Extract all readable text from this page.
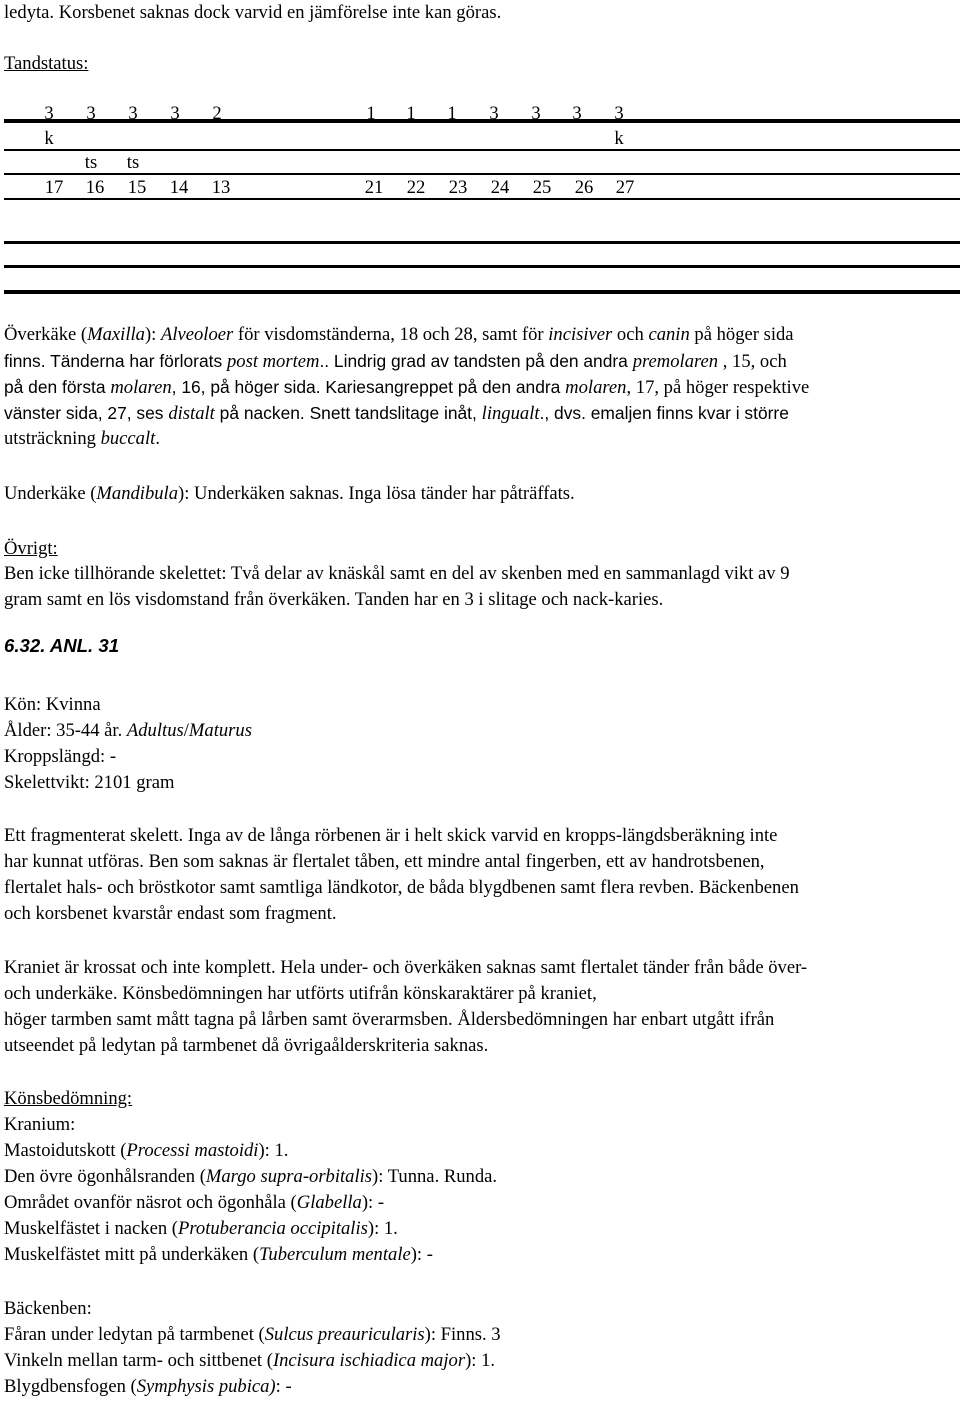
ledyta. Korsbenet saknas dock varvid en jämförelse inte kan göras.
Tandstatus:
3
k
17
3
ts
16
3
ts
15
3
14
2
13
1
21
1
22
1
23
3
24
3
25
3
26
3
k
27
Överkäke (Maxilla): Alveoloer för visdomständerna, 18 och 28, samt för incisiver och canin på höger sida
finns. Tänderna har förlorats post mortem.. Lindrig grad av tandsten på den andra premolaren , 15, och
på den första molaren, 16, på höger sida. Kariesangreppet på den andra molaren, 17, på höger respektive
vänster sida, 27, ses distalt på nacken. Snett tandslitage inåt, lingualt., dvs. emaljen finns kvar i större
utsträckning buccalt.
Underkäke (Mandibula): Underkäken saknas. Inga lösa tänder har påträffats.
Övrigt:
Ben icke tillhörande skelettet: Två delar av knäskål samt en del av skenben med en sammanlagd vikt av 9
gram samt en lös visdomstand från överkäken. Tanden har en 3 i slitage och nack-karies.
6.32. ANL. 31
Kön: Kvinna
Ålder: 35-44 år. Adultus/Maturus
Kroppslängd: -
Skelettvikt: 2101 gram
Ett fragmenterat skelett. Inga av de långa rörbenen är i helt skick varvid en kropps-längdsberäkning inte
har kunnat utföras. Ben som saknas är flertalet tåben, ett mindre antal fingerben, ett av handrotsbenen,
flertalet hals- och bröstkotor samt samtliga ländkotor, de båda blygdbenen samt flera revben. Bäckenbenen
och korsbenet kvarstår endast som fragment.
Kraniet är krossat och inte komplett. Hela under- och överkäken saknas samt flertalet tänder från både över-
och underkäke. Könsbedömningen har utförts utifrån könskaraktärer på kraniet,
höger tarmben samt mått tagna på lårben samt överarmsben. Åldersbedömningen har enbart utgått ifrån
utseendet på ledytan på tarmbenet då övrigaålderskriteria saknas.
Könsbedömning:
Kranium:
Mastoidutskott (Processi mastoidi): 1.
Den övre ögonhålsranden (Margo supra-orbitalis): Tunna. Runda.
Området ovanför näsrot och ögonhåla (Glabella): -
Muskelfästet i nacken (Protuberancia occipitalis): 1.
Muskelfästet mitt på underkäken (Tuberculum mentale): -
Bäckenben:
Fåran under ledytan på tarmbenet (Sulcus preauricularis): Finns. 3
Vinkeln mellan tarm- och sittbenet (Incisura ischiadica major): 1.
Blygdbensfogen (Symphysis pubica): -
